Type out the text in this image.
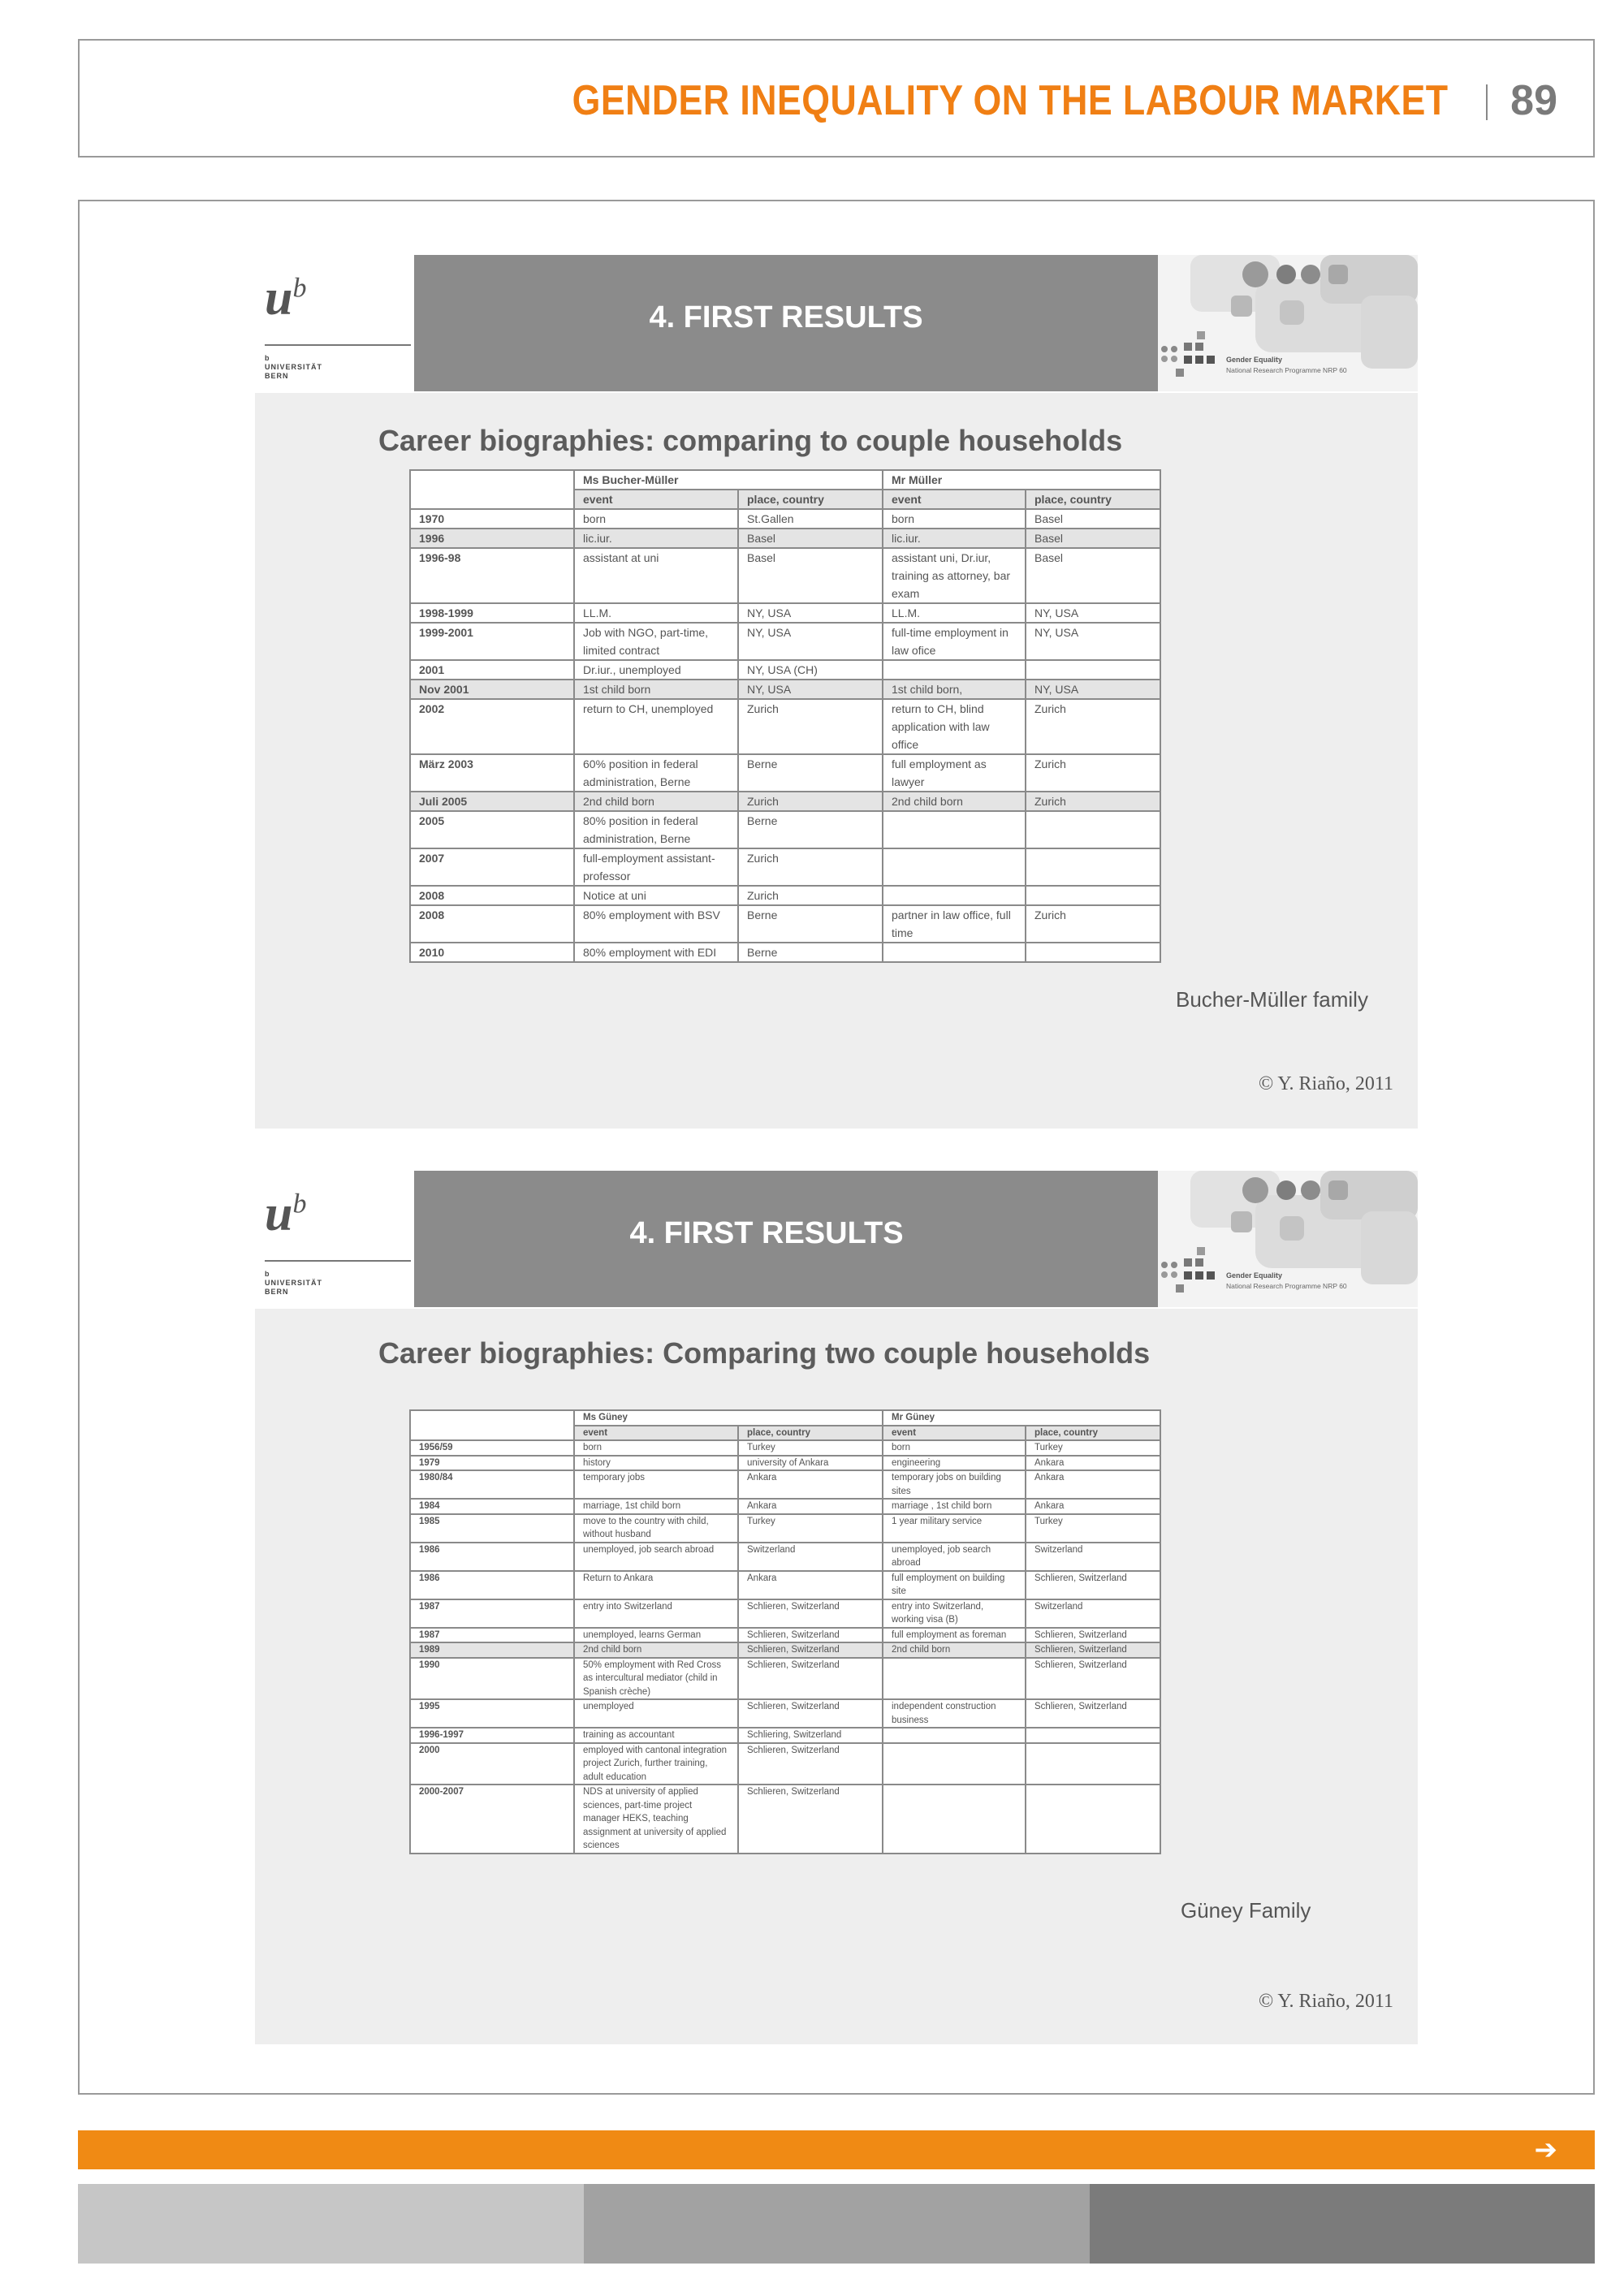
GENDER INEQUALITY ON THE LABOUR MARKET 89
$u^b$
b
UNIVERSITÄT
BERN
4. FIRST RESULTS
Gender Equality
National Research Programme NRP 60
Career biographies: comparing to couple households
	Ms Bucher-Müller		Mr Müller	
	event	place, country	event	place, country
1970	born	St.Gallen	born	Basel
1996	lic.iur.	Basel	lic.iur.	Basel
1996-98	assistant at uni	Basel	assistant uni, Dr.iur, training as attorney, bar exam	Basel
1998-1999	LL.M.	NY, USA	LL.M.	NY, USA
1999-2001	Job with NGO, part-time, limited contract	NY, USA	full-time employment in law ofice	NY, USA
2001	Dr.iur., unemployed	NY, USA (CH)		
Nov 2001	1st child born	NY, USA	1st child born,	NY, USA
2002	return to CH, unemployed	Zurich	return to CH, blind application with law office	Zurich
März 2003	60% position in federal administration, Berne	Berne	full employment as lawyer	Zurich
Juli 2005	2nd child born	Zurich	2nd child born	Zurich
2005	80% position in federal administration, Berne	Berne		
2007	full-employment assistant-professor	Zurich		
2008	Notice at uni	Zurich		
2008	80% employment with BSV	Berne	partner in law office, full time	Zurich
2010	80% employment with EDI	Berne		
Bucher-Müller family
© Y. Riaño, 2011
$u^b$
b
UNIVERSITÄT
BERN
4. FIRST RESULTS
Gender Equality
National Research Programme NRP 60
Career biographies: Comparing two couple households
	Ms Güney		Mr Güney	
	event	place, country	event	place, country
1956/59	born	Turkey	born	Turkey
1979	history	university of Ankara	engineering	Ankara
1980/84	temporary jobs	Ankara	temporary jobs on building sites	Ankara
1984	marriage, 1st child born	Ankara	marriage , 1st child born	Ankara
1985	move to the country with child, without husband	Turkey	1 year military service	Turkey
1986	unemployed, job search abroad	Switzerland	unemployed, job search abroad	Switzerland
1986	Return to Ankara	Ankara	full employment on building site	Schlieren, Switzerland
1987	entry into Switzerland	Schlieren, Switzerland	entry into Switzerland, working visa (B)	Switzerland
1987	unemployed, learns German	Schlieren, Switzerland	full employment as foreman	Schlieren, Switzerland
1989	2nd child born	Schlieren, Switzerland	2nd child born	Schlieren, Switzerland
1990	50% employment with Red Cross as intercultural mediator (child in Spanish crèche)	Schlieren, Switzerland		Schlieren, Switzerland
1995	unemployed	Schlieren, Switzerland	independent construction business	Schlieren, Switzerland
1996-1997	training as accountant	Schliering, Switzerland		
2000	employed with cantonal integration project Zurich, further training, adult education	Schlieren, Switzerland		
2000-2007	NDS at university of applied sciences, part-time project manager HEKS, teaching assignment at university of applied sciences	Schlieren, Switzerland		
Güney Family
© Y. Riaño, 2011
➔
